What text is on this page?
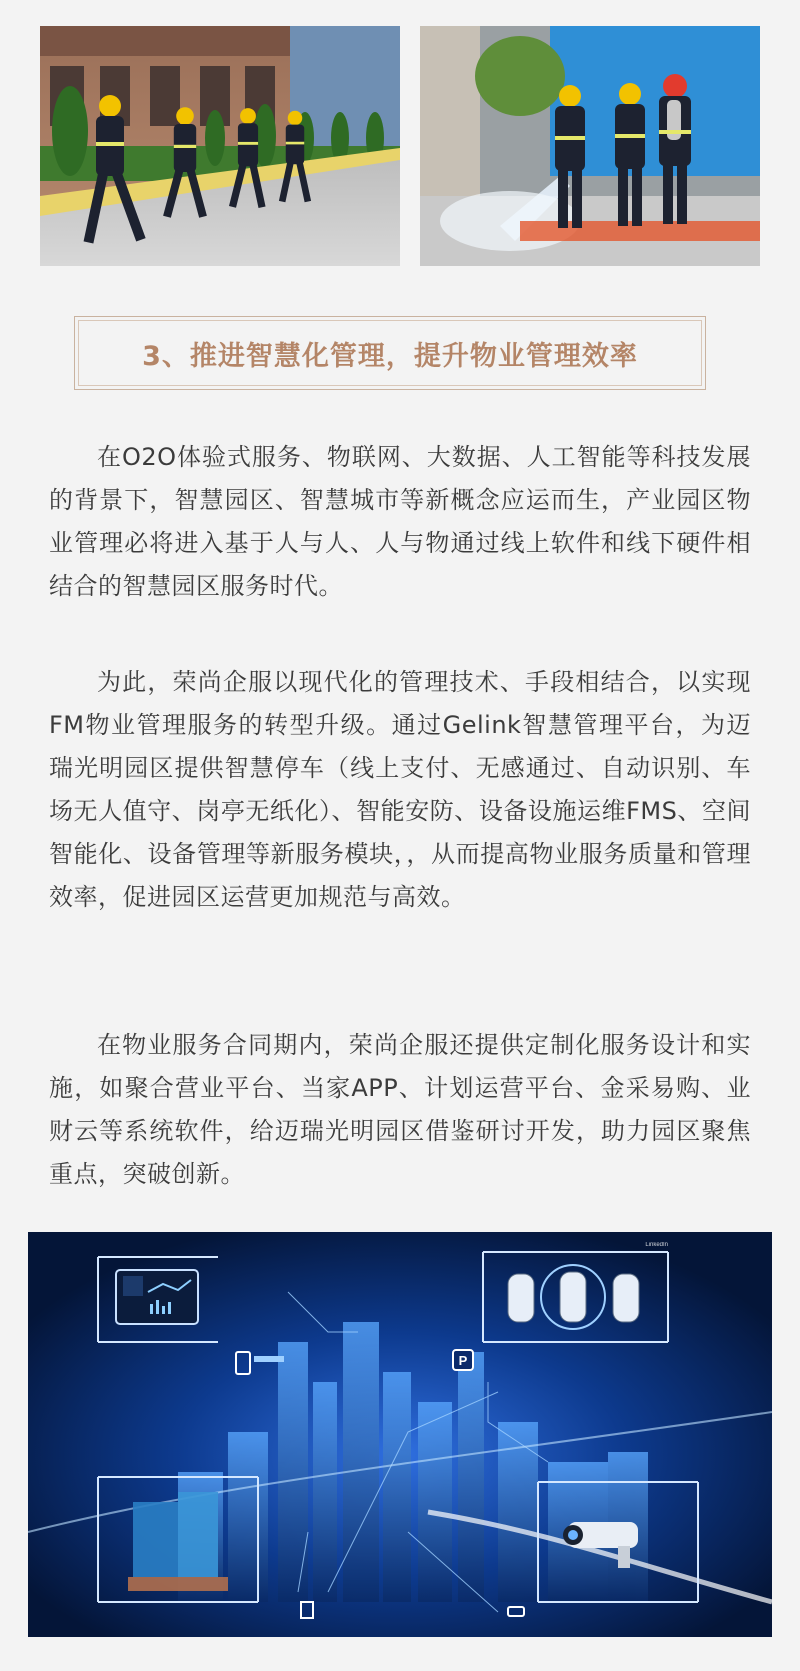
3、推进智慧化管理，提升物业管理效率

在O2O体验式服务、物联网、大数据、人工智能等科技发展的背景下，智慧园区、智慧城市等新概念应运而生，产业园区物业管理必将进入基于人与人、人与物通过线上软件和线下硬件相结合的智慧园区服务时代。

为此，荣尚企服以现代化的管理技术、手段相结合，以实现FM物业管理服务的转型升级。通过Gelink智慧管理平台，为迈瑞光明园区提供智慧停车（线上支付、无感通过、自动识别、车场无人值守、岗亭无纸化）、智能安防、设备设施运维FMS、空间智能化、设备管理等新服务模块，，从而提高物业服务质量和管理效率，促进园区运营更加规范与高效。

在物业服务合同期内，荣尚企服还提供定制化服务设计和实施，如聚合营业平台、当家APP、计划运营平台、金采易购、业财云等系统软件，给迈瑞光明园区借鉴研讨开发，助力园区聚焦重点，突破创新。

P
LinkedIn
